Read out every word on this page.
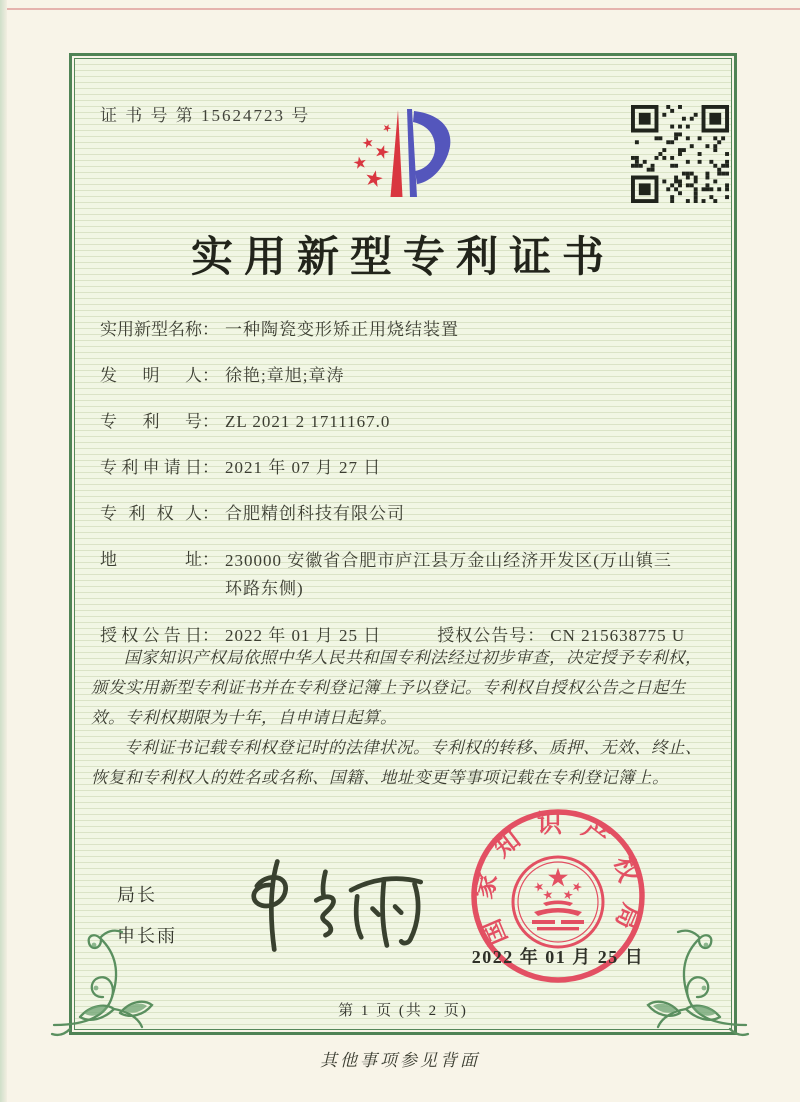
证 书 号 第 15624723 号
实用新型专利证书
实用新型名称： 一种陶瓷变形矫正用烧结装置
发明人： 徐艳;章旭;章涛
专利号： ZL 2021 2 1711167.0
专利申请日： 2021 年 07 月 27 日
专利权人： 合肥精创科技有限公司
地址： 230000 安徽省合肥市庐江县万金山经济开发区(万山镇三环路东侧)
授权公告日： 2022 年 01 月 25 日	授权公告号： CN 215638775 U

国家知识产权局依照中华人民共和国专利法经过初步审查，决定授予专利权，颁发实用新型专利证书并在专利登记簿上予以登记。专利权自授权公告之日起生效。专利权期限为十年，自申请日起算。

专利证书记载专利权登记时的法律状况。专利权的转移、质押、无效、终止、恢复和专利权人的姓名或名称、国籍、地址变更等事项记载在专利登记簿上。

局长
申长雨	国家知识产权局
2022 年 01 月 25 日
第 1 页 (共 2 页)
其他事项参见背面
